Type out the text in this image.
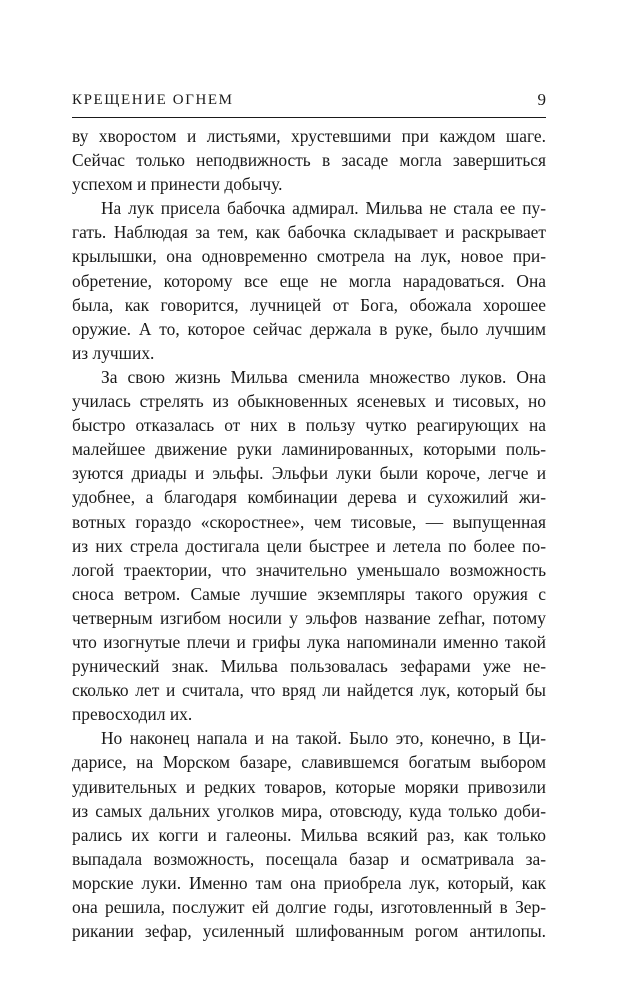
КРЕЩЕНИЕ ОГНЕМ	9
ву хворостом и листьями, хрустевшими при каждом шаге.
Сейчас только неподвижность в засаде могла завершиться
успехом и принести добычу.
На лук присела бабочка адмирал. Мильва не стала ее пу-
гать. Наблюдая за тем, как бабочка складывает и раскрывает
крылышки, она одновременно смотрела на лук, новое при-
обретение, которому все еще не могла нарадоваться. Она
была, как говорится, лучницей от Бога, обожала хорошее
оружие. А то, которое сейчас держала в руке, было лучшим
из лучших.
За свою жизнь Мильва сменила множество луков. Она
училась стрелять из обыкновенных ясеневых и тисовых, но
быстро отказалась от них в пользу чутко реагирующих на
малейшее движение руки ламинированных, которыми поль-
зуются дриады и эльфы. Эльфьи луки были короче, легче и
удобнее, а благодаря комбинации дерева и сухожилий жи-
вотных гораздо «скоростнее», чем тисовые, — выпущенная
из них стрела достигала цели быстрее и летела по более по-
логой траектории, что значительно уменьшало возможность
сноса ветром. Самые лучшие экземпляры такого оружия с
четверным изгибом носили у эльфов название zefhar, потому
что изогнутые плечи и грифы лука напоминали именно такой
рунический знак. Мильва пользовалась зефарами уже не-
сколько лет и считала, что вряд ли найдется лук, который бы
превосходил их.
Но наконец напала и на такой. Было это, конечно, в Ци-
дарисе, на Морском базаре, славившемся богатым выбором
удивительных и редких товаров, которые моряки привозили
из самых дальних уголков мира, отовсюду, куда только доби-
рались их когги и галеоны. Мильва всякий раз, как только
выпадала возможность, посещала базар и осматривала за-
морские луки. Именно там она приобрела лук, который, как
она решила, послужит ей долгие годы, изготовленный в Зер-
рикании зефар, усиленный шлифованным рогом антилопы.
